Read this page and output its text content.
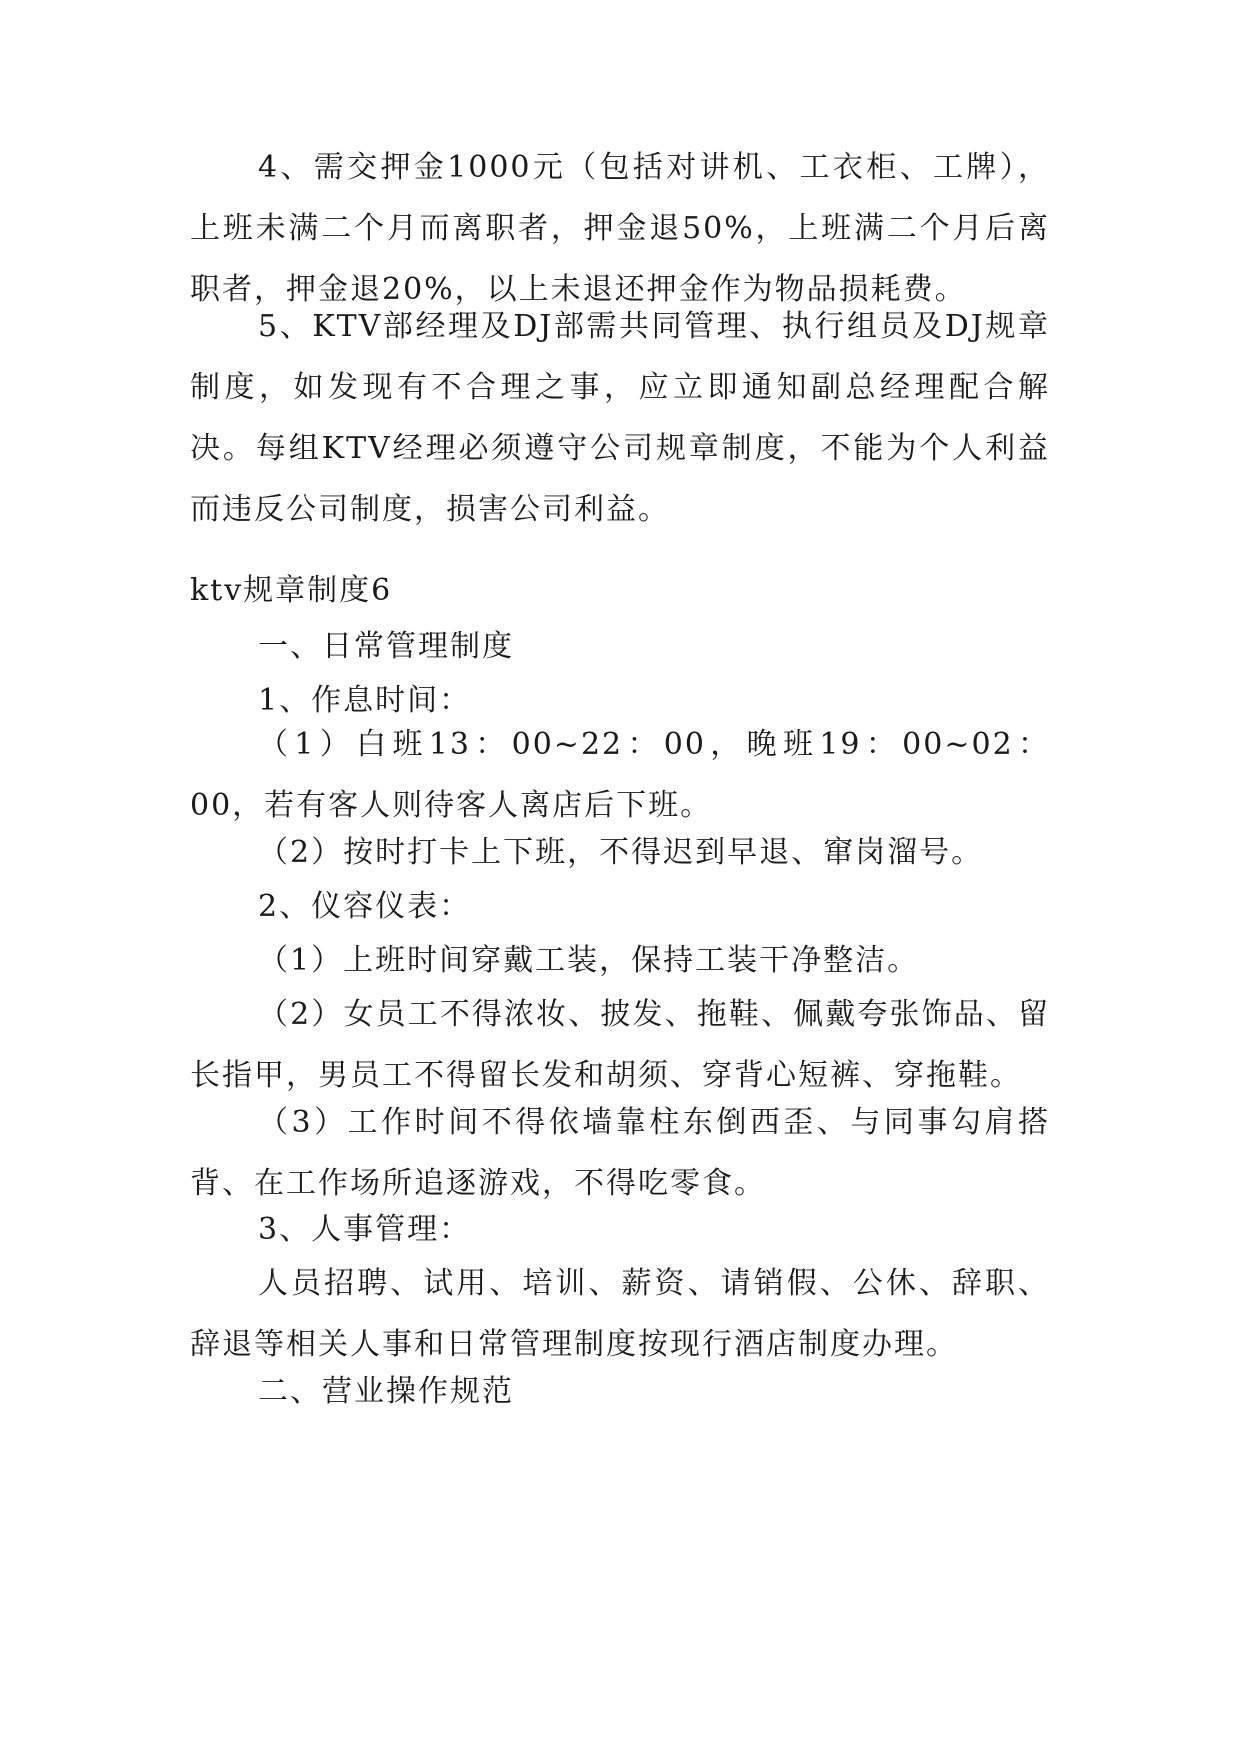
4、需交押金1000元（包括对讲机、工衣柜、工牌），上班未满二个月而离职者，押金退50%，上班满二个月后离职者，押金退20%，以上未退还押金作为物品损耗费。

5、KTV部经理及DJ部需共同管理、执行组员及DJ规章制度，如发现有不合理之事，应立即通知副总经理配合解决。每组KTV经理必须遵守公司规章制度，不能为个人利益而违反公司制度，损害公司利益。

ktv规章制度6

一、日常管理制度

1、作息时间：

（1）白班13：00~22：00，晚班19：00~02：00，若有客人则待客人离店后下班。

（2）按时打卡上下班，不得迟到早退、窜岗溜号。

2、仪容仪表：

（1）上班时间穿戴工装，保持工装干净整洁。

（2）女员工不得浓妆、披发、拖鞋、佩戴夸张饰品、留长指甲，男员工不得留长发和胡须、穿背心短裤、穿拖鞋。

（3）工作时间不得依墙靠柱东倒西歪、与同事勾肩搭背、在工作场所追逐游戏，不得吃零食。

3、人事管理：

人员招聘、试用、培训、薪资、请销假、公休、辞职、辞退等相关人事和日常管理制度按现行酒店制度办理。

二、营业操作规范
